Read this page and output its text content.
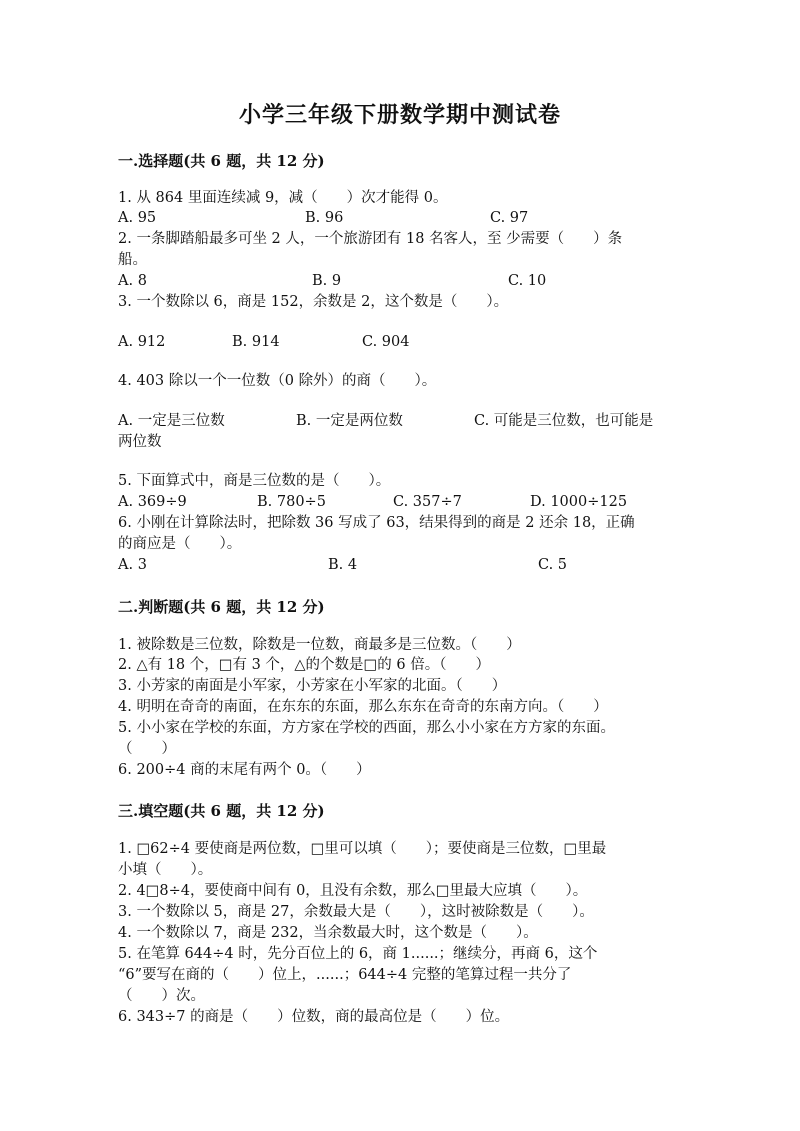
小学三年级下册数学期中测试卷
一.选择题(共 6 题，共 12 分)
1. 从 864 里面连续减 9，减（　　）次才能得 0。
A. 95	B. 96	C. 97
2. 一条脚踏船最多可坐 2 人，一个旅游团有 18 名客人，至 少需要（　　）条
船。
A. 8	B. 9	C. 10
3. 一个数除以 6，商是 152，余数是 2，这个数是（　　）。
A. 912	B. 914	C. 904
4. 403 除以一个一位数（0 除外）的商（　　）。
A. 一定是三位数	B. 一定是两位数	C. 可能是三位数，也可能是
两位数
5. 下面算式中，商是三位数的是（　　）。
A. 369÷9	B. 780÷5	C. 357÷7	D. 1000÷125
6. 小刚在计算除法时，把除数 36 写成了 63，结果得到的商是 2 还余 18，正确
的商应是（　　）。
A. 3	B. 4	C. 5
二.判断题(共 6 题，共 12 分)
1. 被除数是三位数，除数是一位数，商最多是三位数。（　　）
2. △有 18 个，□有 3 个，△的个数是□的 6 倍。（　　）
3. 小芳家的南面是小军家，小芳家在小军家的北面。（　　）
4. 明明在奇奇的南面，在东东的东面，那么东东在奇奇的东南方向。（　　）
5. 小小家在学校的东面，方方家在学校的西面，那么小小家在方方家的东面。
（　　）
6. 200÷4 商的末尾有两个 0。（　　）
三.填空题(共 6 题，共 12 分)
1. □62÷4 要使商是两位数，□里可以填（　　）；要使商是三位数，□里最
小填（　　）。
2. 4□8÷4，要使商中间有 0，且没有余数，那么□里最大应填（　　）。
3. 一个数除以 5，商是 27，余数最大是（　　），这时被除数是（　　）。
4. 一个数除以 7，商是 232，当余数最大时，这个数是（　　）。
5. 在笔算 644÷4 时，先分百位上的 6，商 1......；继续分，再商 6，这个
“6”要写在商的（　　）位上，......；644÷4 完整的笔算过程一共分了
（　　）次。
6. 343÷7 的商是（　　）位数，商的最高位是（　　）位。
